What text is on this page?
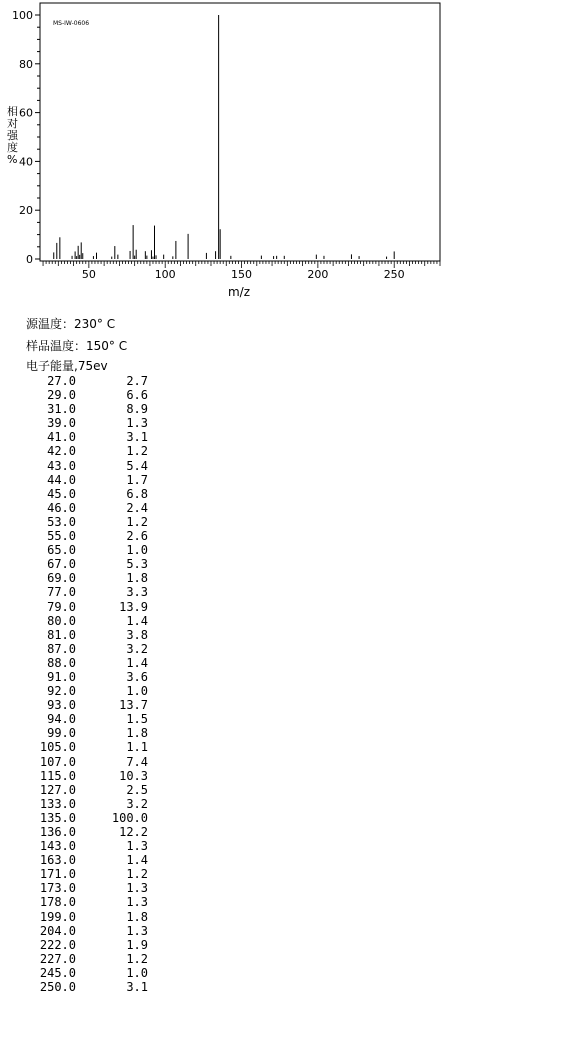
MS-IW-0606
0
20
40
60
80
100
50	100	150	200	250
m/z
相对强度%
源温度：230° C
样品温度：150° C
电子能量,75ev
27.0	2.7
29.0	6.6
31.0	8.9
39.0	1.3
41.0	3.1
42.0	1.2
43.0	5.4
44.0	1.7
45.0	6.8
46.0	2.4
53.0	1.2
55.0	2.6
65.0	1.0
67.0	5.3
69.0	1.8
77.0	3.3
79.0	13.9
80.0	1.4
81.0	3.8
87.0	3.2
88.0	1.4
91.0	3.6
92.0	1.0
93.0	13.7
94.0	1.5
99.0	1.8
105.0	1.1
107.0	7.4
115.0	10.3
127.0	2.5
133.0	3.2
135.0	100.0
136.0	12.2
143.0	1.3
163.0	1.4
171.0	1.2
173.0	1.3
178.0	1.3
199.0	1.8
204.0	1.3
222.0	1.9
227.0	1.2
245.0	1.0
250.0	3.1
